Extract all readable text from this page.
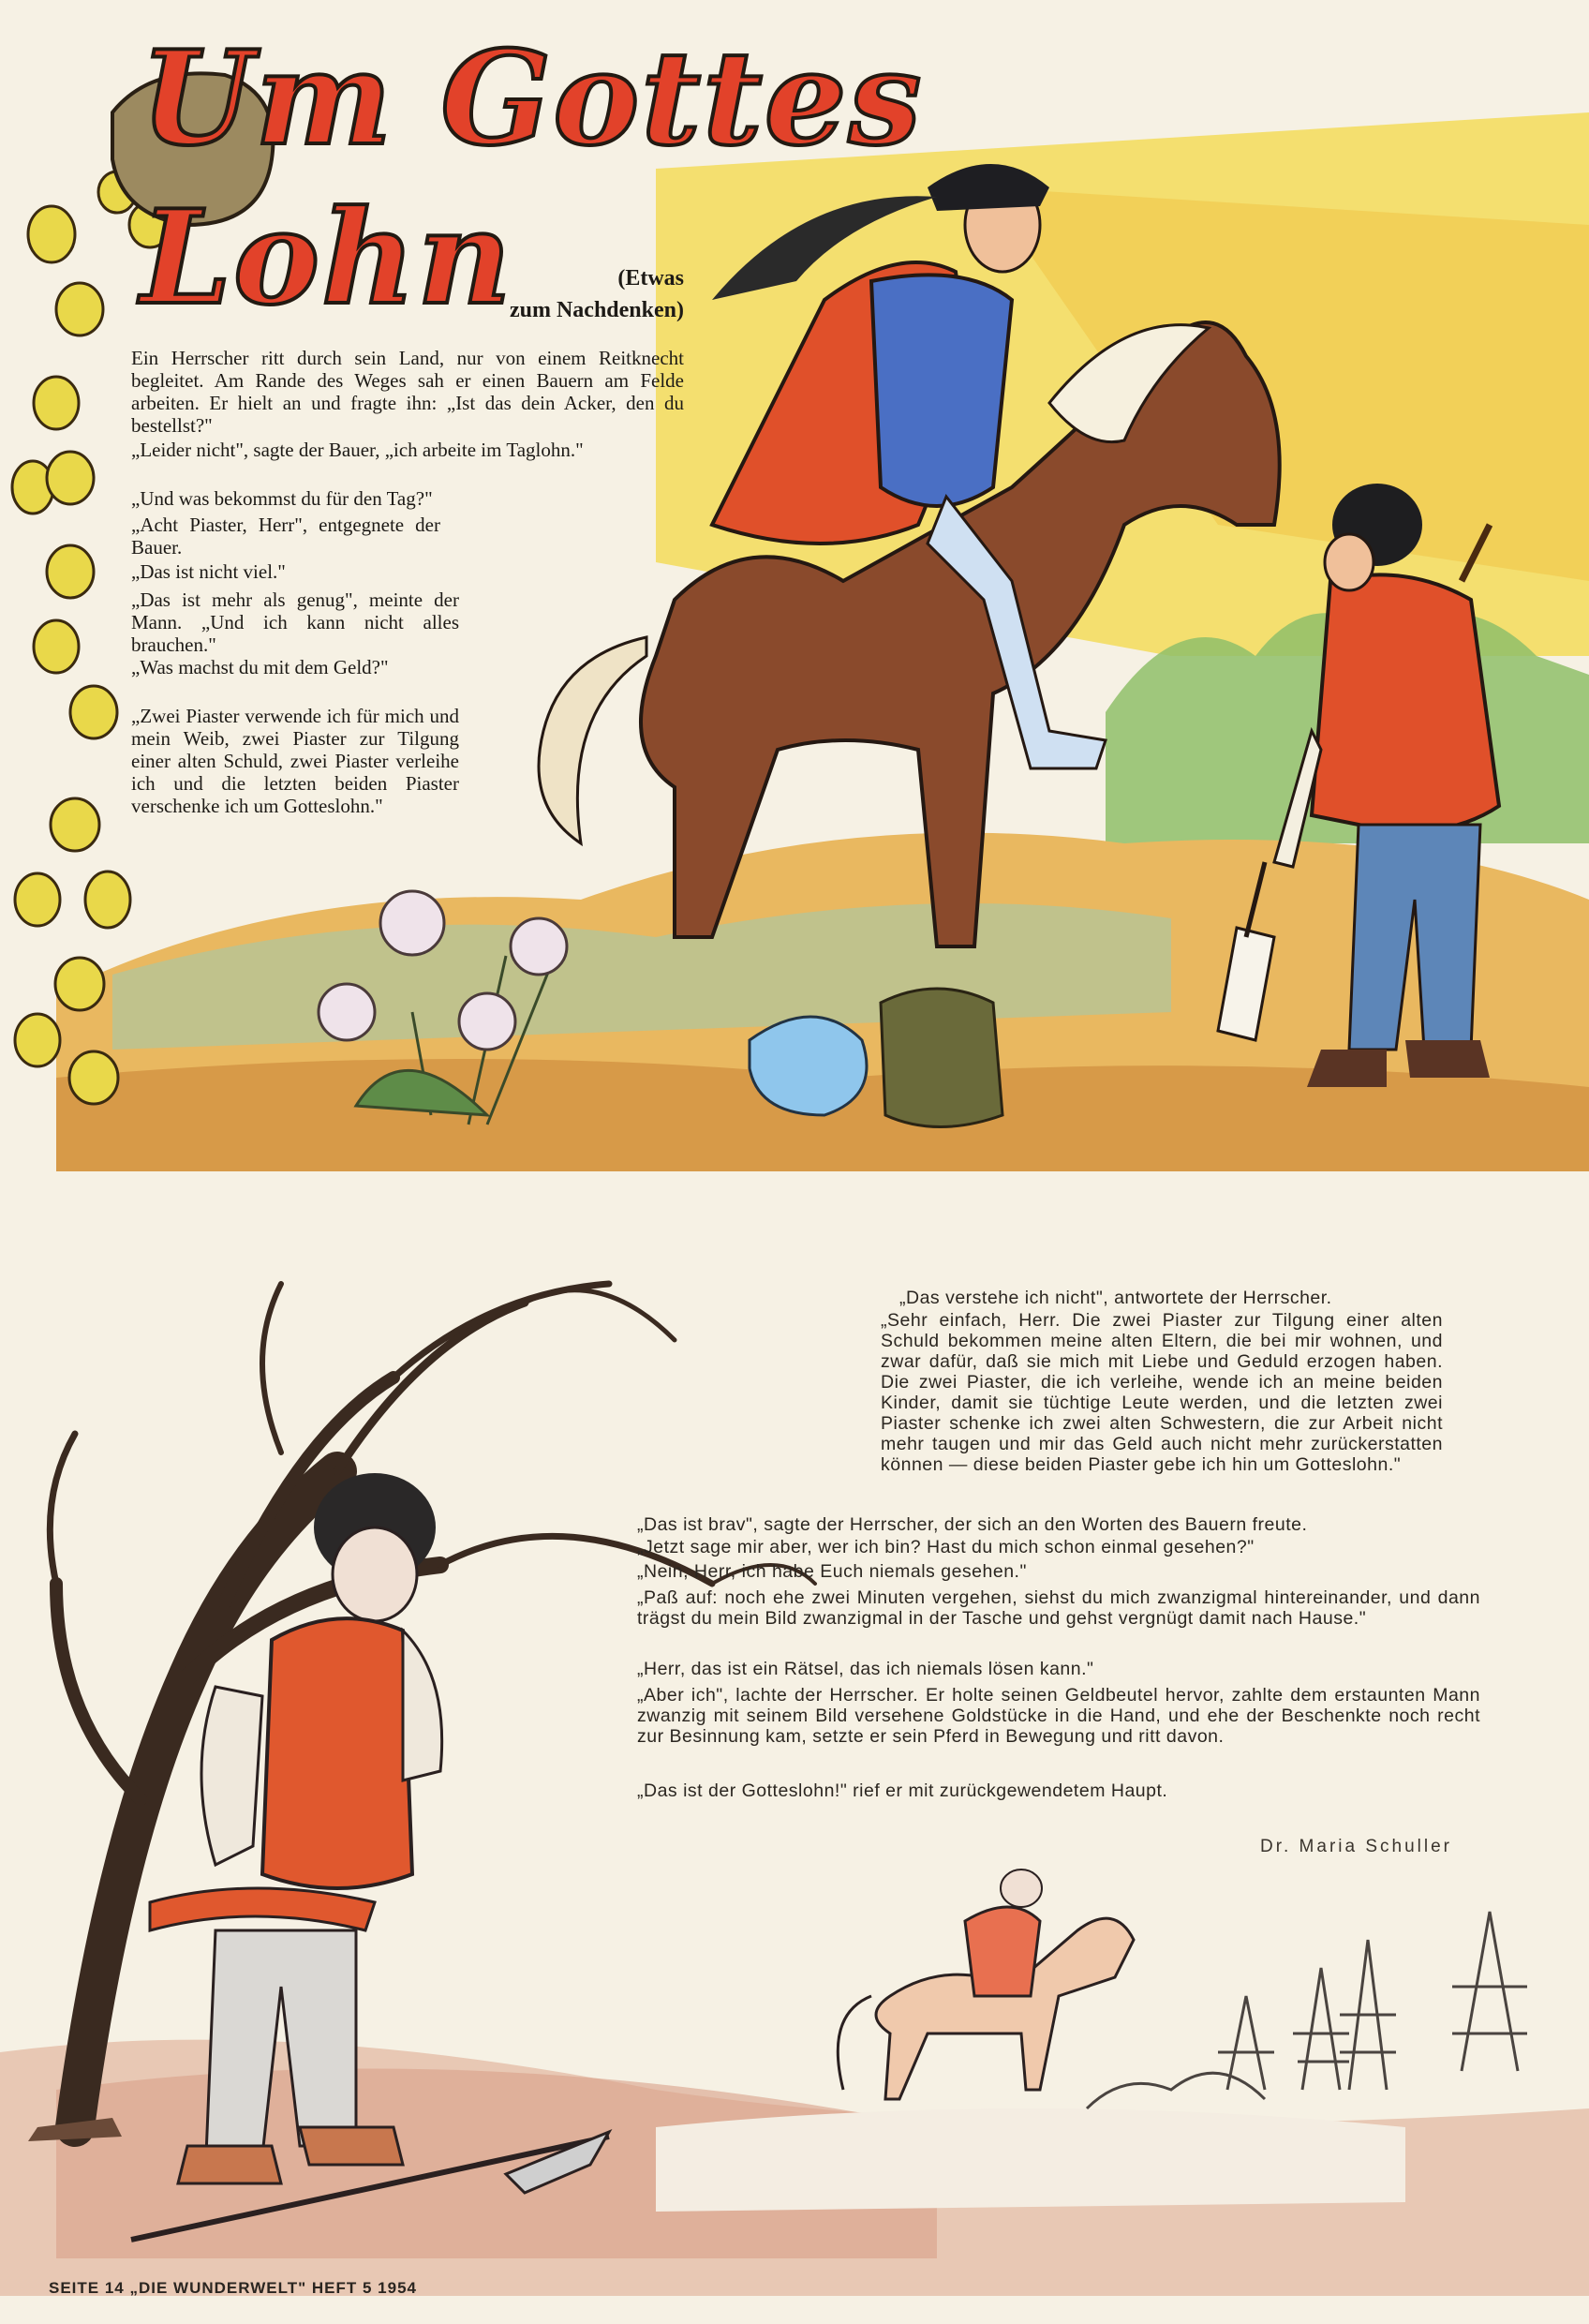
Um Gottes Lohn	(Etwas
zum Nachdenken)

Ein Herrscher ritt durch sein Land, nur von einem Reitknecht begleitet. Am Rande des Weges sah er einen Bauern am Felde arbeiten. Er hielt an und fragte ihn: „Ist das dein Acker, den du bestellst?"

„Leider nicht", sagte der Bauer, „ich arbeite im Taglohn."

„Und was bekommst du für den Tag?"

„Acht Piaster, Herr", entgegnete der Bauer.

„Das ist nicht viel."

„Das ist mehr als genug", meinte der Mann. „Und ich kann nicht alles brauchen."

„Was machst du mit dem Geld?"

„Zwei Piaster verwende ich für mich und mein Weib, zwei Piaster zur Tilgung einer alten Schuld, zwei Piaster verleihe ich und die letzten beiden Piaster verschenke ich um Gotteslohn."

„Das verstehe ich nicht", antwortete der Herrscher.

„Sehr einfach, Herr. Die zwei Piaster zur Tilgung einer alten Schuld bekommen meine alten Eltern, die bei mir wohnen, und zwar dafür, daß sie mich mit Liebe und Geduld erzogen haben. Die zwei Piaster, die ich verleihe, wende ich an meine beiden Kinder, damit sie tüchtige Leute werden, und die letzten zwei Piaster schenke ich zwei alten Schwestern, die zur Arbeit nicht mehr taugen und mir das Geld auch nicht mehr zurückerstatten können — diese beiden Piaster gebe ich hin um Gotteslohn."

„Das ist brav", sagte der Herrscher, der sich an den Worten des Bauern freute.

„Jetzt sage mir aber, wer ich bin? Hast du mich schon einmal gesehen?"

„Nein, Herr, ich habe Euch niemals gesehen."

„Paß auf: noch ehe zwei Minuten vergehen, siehst du mich zwanzigmal hintereinander, und dann trägst du mein Bild zwanzigmal in der Tasche und gehst vergnügt damit nach Hause."

„Herr, das ist ein Rätsel, das ich niemals lösen kann."

„Aber ich", lachte der Herrscher. Er holte seinen Geldbeutel hervor, zahlte dem erstaunten Mann zwanzig mit seinem Bild versehene Goldstücke in die Hand, und ehe der Beschenkte noch recht zur Besinnung kam, setzte er sein Pferd in Bewegung und ritt davon.

„Das ist der Gotteslohn!" rief er mit zurückgewendetem Haupt.

Dr. Maria Schuller
SEITE 14 „DIE WUNDERWELT" HEFT 5 1954
